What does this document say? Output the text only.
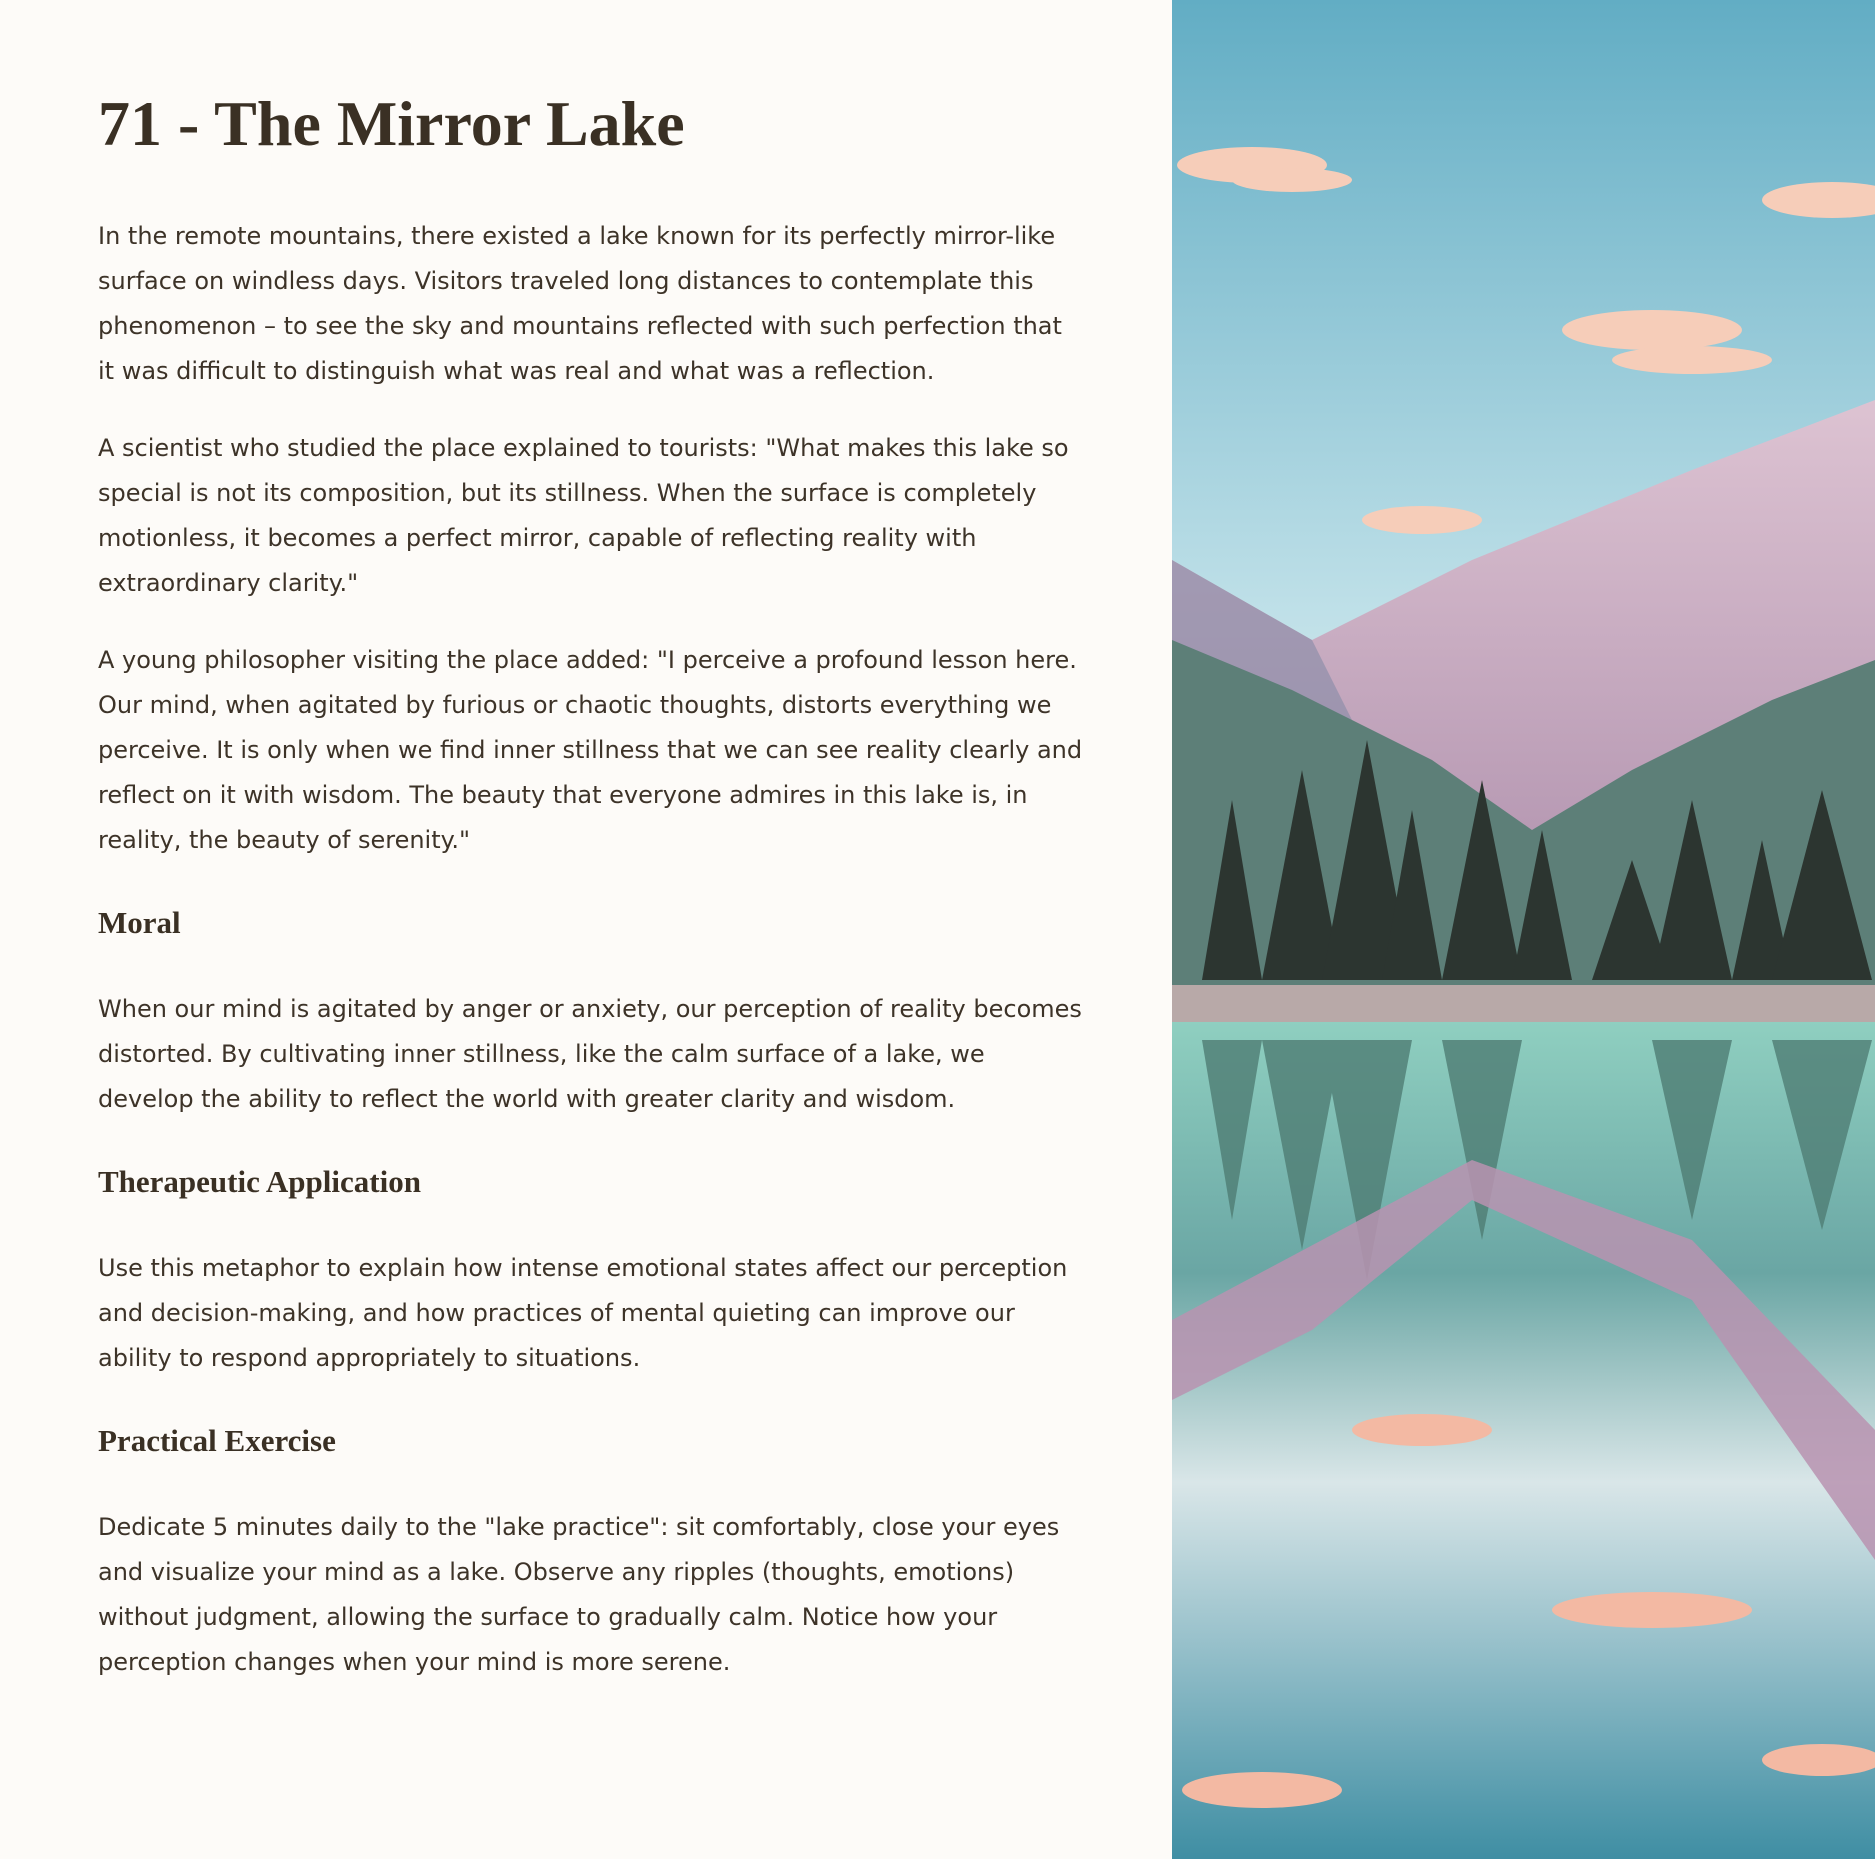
71 - The Mirror Lake

In the remote mountains, there existed a lake known for its perfectly mirror-like surface on windless days. Visitors traveled long distances to contemplate this phenomenon – to see the sky and mountains reflected with such perfection that it was difficult to distinguish what was real and what was a reflection.

A scientist who studied the place explained to tourists: "What makes this lake so special is not its composition, but its stillness. When the surface is completely motionless, it becomes a perfect mirror, capable of reflecting reality with extraordinary clarity."

A young philosopher visiting the place added: "I perceive a profound lesson here. Our mind, when agitated by furious or chaotic thoughts, distorts everything we perceive. It is only when we find inner stillness that we can see reality clearly and reflect on it with wisdom. The beauty that everyone admires in this lake is, in reality, the beauty of serenity."

Moral

When our mind is agitated by anger or anxiety, our perception of reality becomes distorted. By cultivating inner stillness, like the calm surface of a lake, we develop the ability to reflect the world with greater clarity and wisdom.

Therapeutic Application

Use this metaphor to explain how intense emotional states affect our perception and decision-making, and how practices of mental quieting can improve our ability to respond appropriately to situations.

Practical Exercise

Dedicate 5 minutes daily to the "lake practice": sit comfortably, close your eyes and visualize your mind as a lake. Observe any ripples (thoughts, emotions) without judgment, allowing the surface to gradually calm. Notice how your perception changes when your mind is more serene.
